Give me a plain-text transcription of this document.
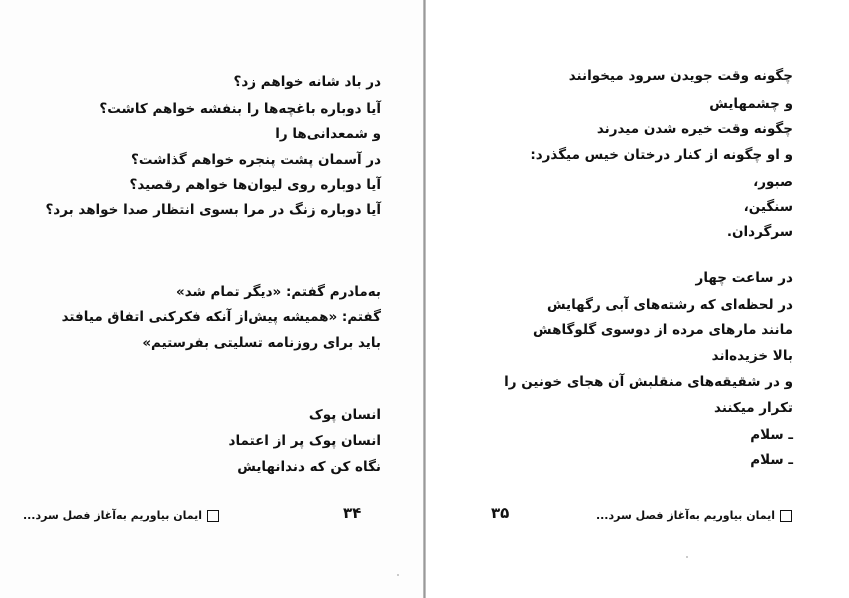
در باد شانه خواهم زد؟
آیا دوباره باغچه‌ها را بنفشه خواهم کاشت؟
و شمعدانی‌ها را
در آسمان پشت پنجره خواهم گذاشت؟
آیا دوباره روی لیوان‌ها خواهم رقصید؟
آیا دوباره زنگ در مرا بسوی انتظار صدا خواهد برد؟
به‌مادرم گفتم: «دیگر تمام شد»
گفتم: «همیشه پیش‌از آنکه فکرکنی اتفاق میافتد
باید برای روزنامه تسلیتی بفرستیم»
انسان پوک
انسان پوک پر از اعتماد
نگاه کن که دندانهایش
۳۴
ایمان بیاوریم به‌آغاز فصل سرد...
چگونه وقت جویدن سرود میخوانند
و چشمهایش
چگونه وقت خیره شدن میدرند
و او چگونه از کنار درختان خیس میگذرد:
صبور،
سنگین،
سرگردان.
در ساعت چهار
در لحظه‌ای که رشته‌های آبی رگهایش
مانند مارهای مرده از دوسوی گلوگاهش
بالا خزیده‌اند
و در شقیقه‌های منقلبش آن هجای خونین را
تکرار میکنند
ـ سلام
ـ سلام
۳۵	ایمان بیاوریم به‌آغاز فصل سرد...
